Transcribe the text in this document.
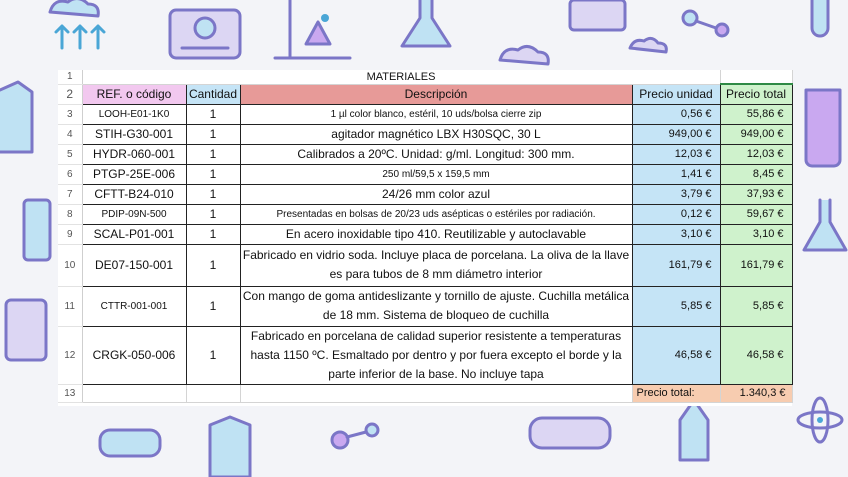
1	MATERIALES				
2	REF. o código	Cantidad	Descripción	Precio unidad	Precio total
3	LOOH-E01-1K0	1	1 µl color blanco, estéril, 10 uds/bolsa cierre zip	0,56 €	55,86 €
4	STIH-G30-001	1	agitador magnético LBX H30SQC, 30 L	949,00 €	949,00 €
5	HYDR-060-001	1	Calibrados a 20ºC. Unidad: g/ml. Longitud: 300 mm.	12,03 €	12,03 €
6	PTGP-25E-006	1	250 ml/59,5 x 159,5 mm	1,41 €	8,45 €
7	CFTT-B24-010	1	24/26 mm color azul	3,79 €	37,93 €
8	PDIP-09N-500	1	Presentadas en bolsas de 20/23 uds asépticas o estériles por radiación.	0,12 €	59,67 €
9	SCAL-P01-001	1	En acero inoxidable tipo 410. Reutilizable y autoclavable	3,10 €	3,10 €
10	DE07-150-001	1	Fabricado en vidrio soda. Incluye placa de porcelana. La oliva de la llave es para tubos de 8 mm diámetro interior	161,79 €	161,79 €
11	CTTR-001-001	1	Con mango de goma antideslizante y tornillo de ajuste. Cuchilla metálica de 18 mm. Sistema de bloqueo de cuchilla	5,85 €	5,85 €
12	CRGK-050-006	1	Fabricado en porcelana de calidad superior resistente a temperaturas hasta 1150 ºC. Esmaltado por dentro y por fuera excepto el borde y la parte inferior de la base. No incluye tapa	46,58 €	46,58 €
13				Precio total:	1.340,3 €
